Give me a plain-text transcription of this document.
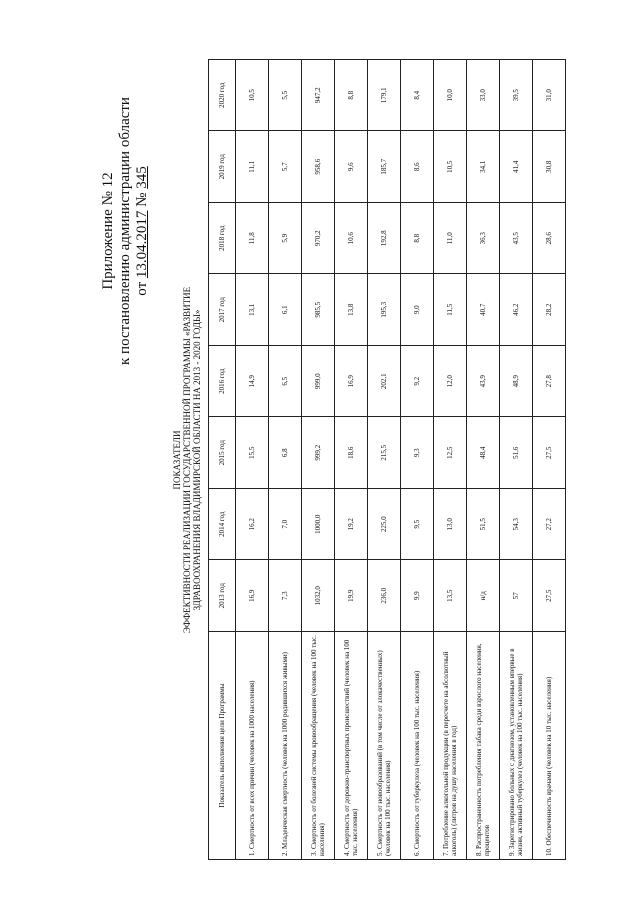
Приложение № 12 к постановлению администрации области от 13.04.2017 № 345
ПОКАЗАТЕЛИ ЭФФЕКТИВНОСТИ РЕАЛИЗАЦИИ ГОСУДАРСТВЕННОЙ ПРОГРАММЫ «РАЗВИТИЕ ЗДРАВООХРАНЕНИЯ ВЛАДИМИРСКОЙ ОБЛАСТИ НА 2013 - 2020 ГОДЫ»
Показатель выполнения цели Программы	2013 год	2014 год	2015 год	2016 год	2017 год	2018 год	2019 год	2020 год
1. Смертность от всех причин (человек на 1000 населения)	16,9	16,2	15,5	14,9	13,1	11,8	11,1	10,5
2. Младенческая смертность (человек на 1000 родившихся живыми)	7,3	7,0	6,8	6,5	6,1	5,9	5,7	5,5
3. Смертность от болезней системы кровообращения (человек на 100 тыс. населения)	1032,0	1000,0	999,2	999,0	985,5	970,2	958,6	947,2
4. Смертность от дорожно-транспортных происшествий (человек на 100 тыс. населения)	19,9	19,2	18,6	16,9	13,8	10,6	9,6	8,8
5. Смертность от новообразований (в том числе от злокачественных) (человек на 100 тыс. населения)	236,0	225,0	215,5	202,1	195,3	192,8	185,7	179,1
6. Смертность от туберкулеза (человек на 100 тыс. населения)	9,9	9,5	9,3	9,2	9,0	8,8	8,6	8,4
7. Потребление алкогольной продукции (в пересчете на абсолютный алкоголь) (литров на душу населения в год)	13,5	13,0	12,5	12,0	11,5	11,0	10,5	10,0
8. Распространенность потребления табака среди взрослого населения, процентов	н/д	51,5	48,4	43,9	40,7	36,3	34,1	33,0
9. Зарегистрировано больных с диагнозом, установленным впервые в жизни, активный туберкулез (человек на 100 тыс. населения)	57	54,3	51,6	48,9	46,2	43,5	41,4	39,5
10. Обеспеченность врачами (человек на 10 тыс. населения)	27,5	27,2	27,5	27,8	28,2	28,6	30,8	31,0
